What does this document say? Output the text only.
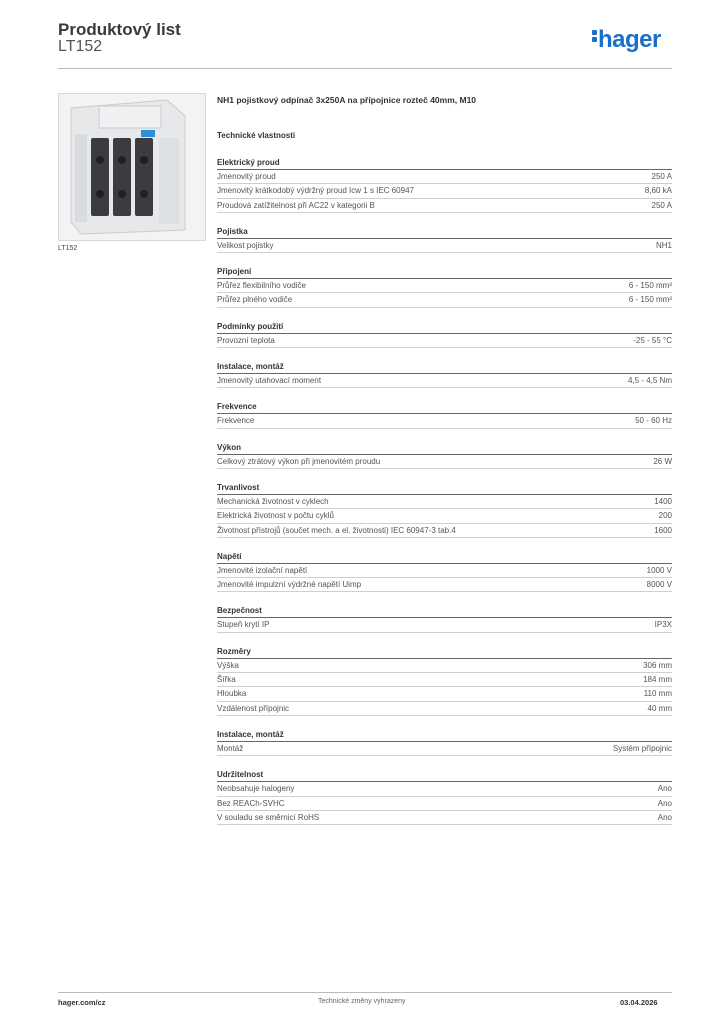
Produktový list
LT152	hager
LT152
NH1 pojistkový odpínač 3x250A na přípojnice rozteč 40mm, M10
Technické vlastnosti
Elektrický proud
Jmenovitý proud	250 A
Jmenovitý krátkodobý výdržný proud Icw 1 s IEC 60947	8,60 kA
Proudová zatížitelnost při AC22 v kategorii B	250 A
Pojistka
Velikost pojistky	NH1
Připojení
Průřez flexibilního vodiče	6 - 150 mm²
Průřez plného vodiče	6 - 150 mm²
Podmínky použití
Provozní teplota	-25 - 55 °C
Instalace, montáž
Jmenovitý utahovací moment	4,5 - 4,5 Nm
Frekvence
Frekvence	50 - 60 Hz
Výkon
Celkový ztrátový výkon při jmenovitém proudu	26 W
Trvanlivost
Mechanická životnost v cyklech	1400
Elektrická životnost v počtu cyklů	200
Životnost přístrojů (součet mech. a el. životnosti) IEC 60947-3 tab.4	1600
Napětí
Jmenovité izolační napětí	1000 V
Jmenovité impulzní výdržné napětí Uimp	8000 V
Bezpečnost
Stupeň krytí IP	IP3X
Rozměry
Výška	306 mm
Šířka	184 mm
Hloubka	110 mm
Vzdálenost přípojnic	40 mm
Instalace, montáž
Montáž	Systém přípojnic
Udržitelnost
Neobsahuje halogeny	Ano
Bez REACh-SVHC	Ano
V souladu se směrnicí RoHS	Ano
hager.com/cz	Technické změny vyhrazeny	03.04.2026
